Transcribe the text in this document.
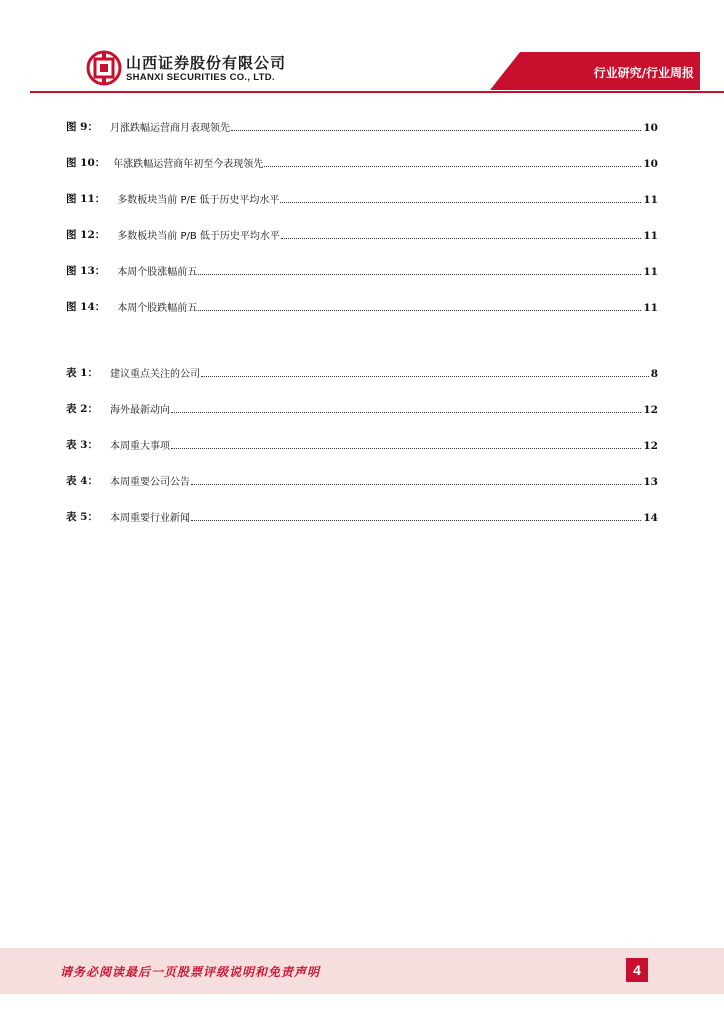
山西证券股份有限公司
SHANXI SECURITIES CO., LTD.	行业研究/行业周报
图 9： 月涨跌幅运营商月表现领先	10
图 10： 年涨跌幅运营商年初至今表现领先	10
图 11： 多数板块当前 P/E 低于历史平均水平	11
图 12： 多数板块当前 P/B 低于历史平均水平	11
图 13： 本周个股涨幅前五	11
图 14： 本周个股跌幅前五	11
表 1： 建议重点关注的公司	8
表 2： 海外最新动向	12
表 3： 本周重大事项	12
表 4： 本周重要公司公告	13
表 5： 本周重要行业新闻	14
请务必阅读最后一页股票评级说明和免责声明	4
